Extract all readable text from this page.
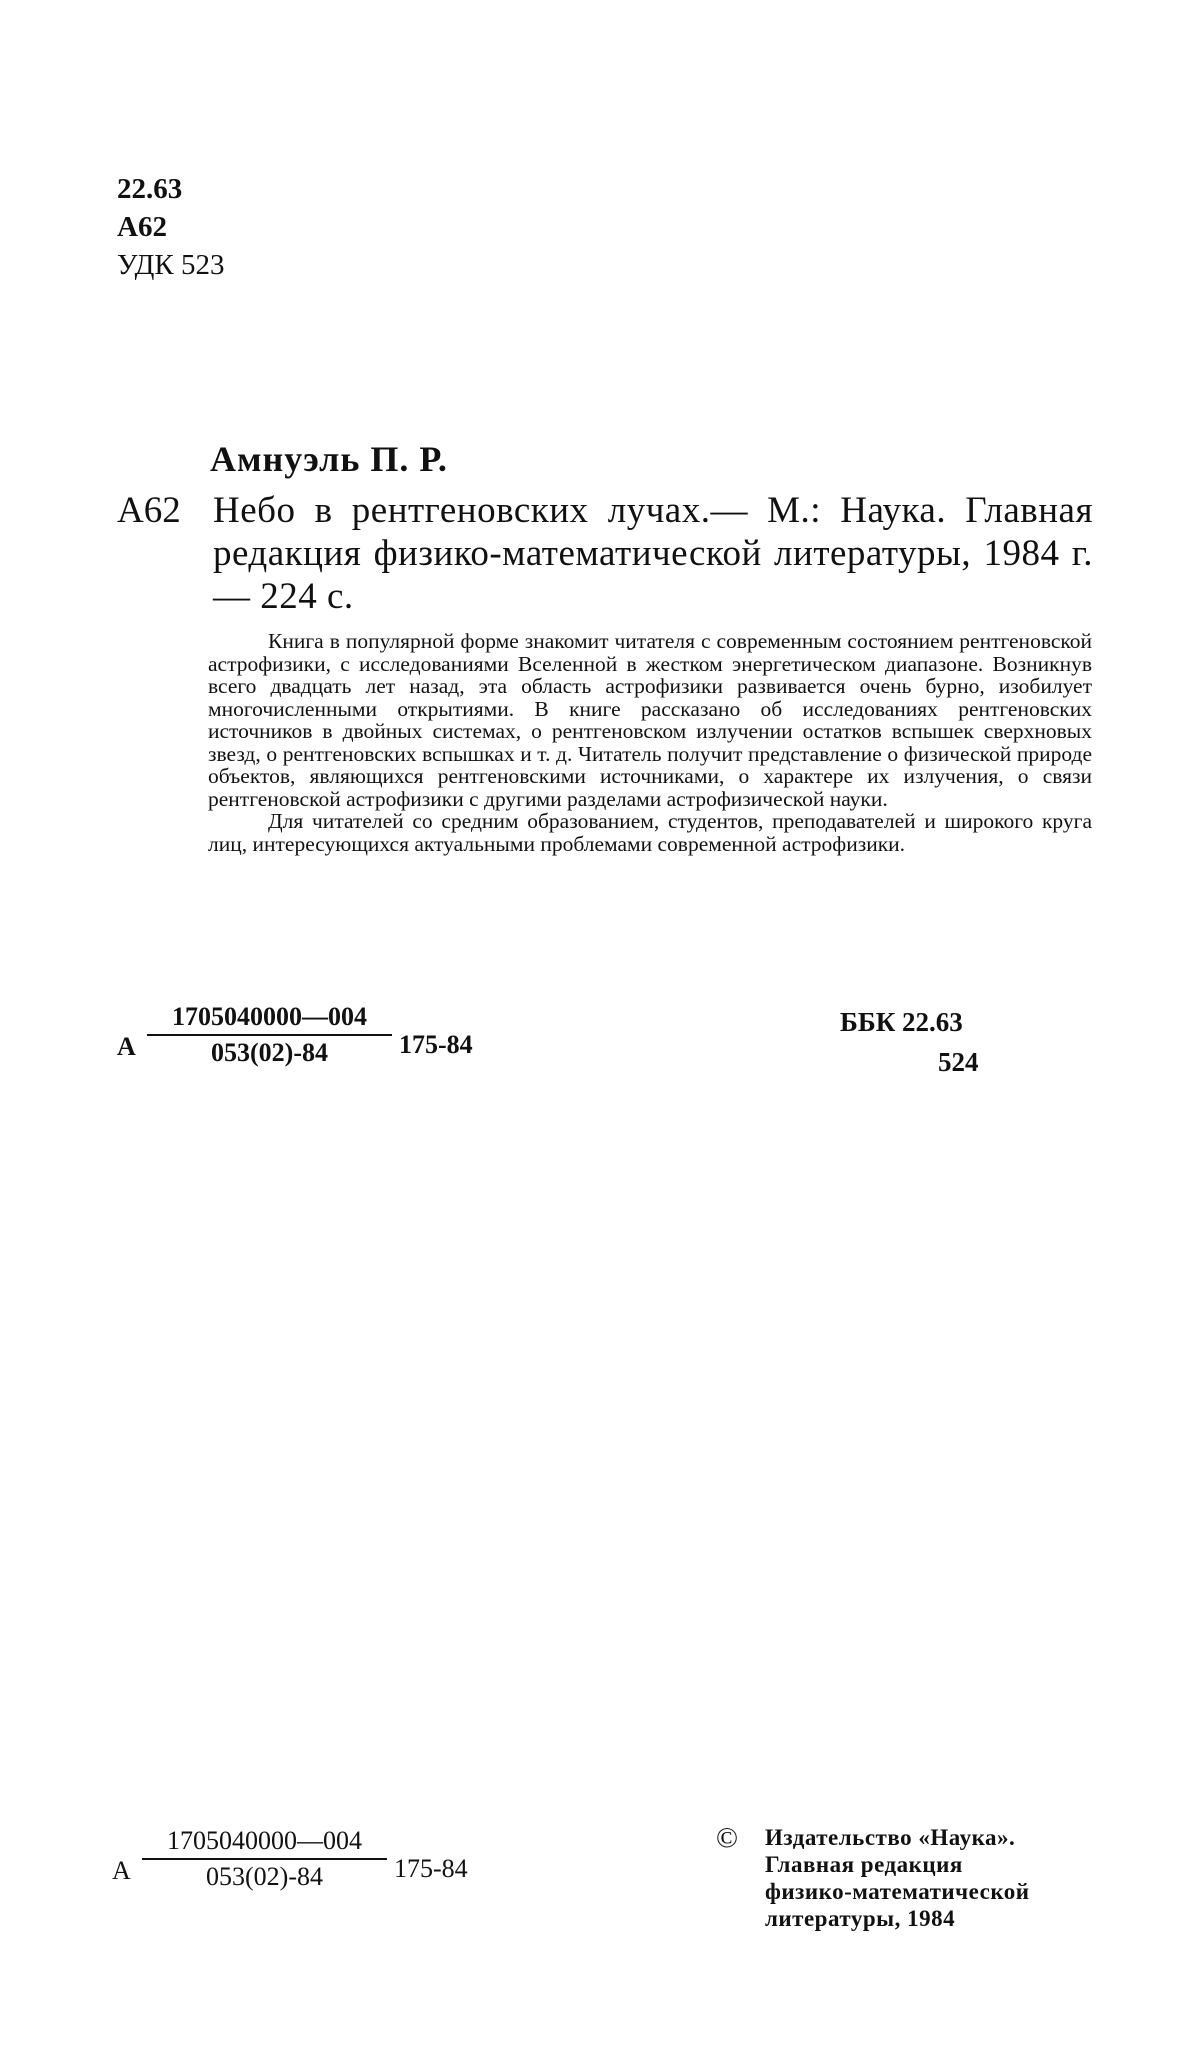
22.63
А62
УДК 523
Амнуэль П. Р.
А62 Небо в рентгеновских лучах.— М.: Наука. Главная редакция физико-математической литературы, 1984 г. — 224 с.

Книга в популярной форме знакомит читателя с современным состоянием рентгеновской астрофизики, с исследованиями Вселенной в жестком энергетическом диапазоне. Возникнув всего двадцать лет назад, эта область астрофизики развивается очень бурно, изобилует многочисленными открытиями. В книге рассказано об исследованиях рентгеновских источников в двойных системах, о рентгеновском излучении остатков вспышек сверхновых звезд, о рентгеновских вспышках и т. д. Читатель получит представление о физической природе объектов, являющихся рентгеновскими источниками, о характере их излучения, о связи рентгеновской астрофизики с другими разделами астрофизической науки.

Для читателей со средним образованием, студентов, преподавателей и широкого круга лиц, интересующихся актуальными проблемами современной астрофизики.

А
1705040000—004
053(02)-84	175-84
ББК 22.63
524
А
1705040000—004
053(02)-84	175-84
© Издательство «Наука».
Главная редакция
физико-математической
литературы, 1984
